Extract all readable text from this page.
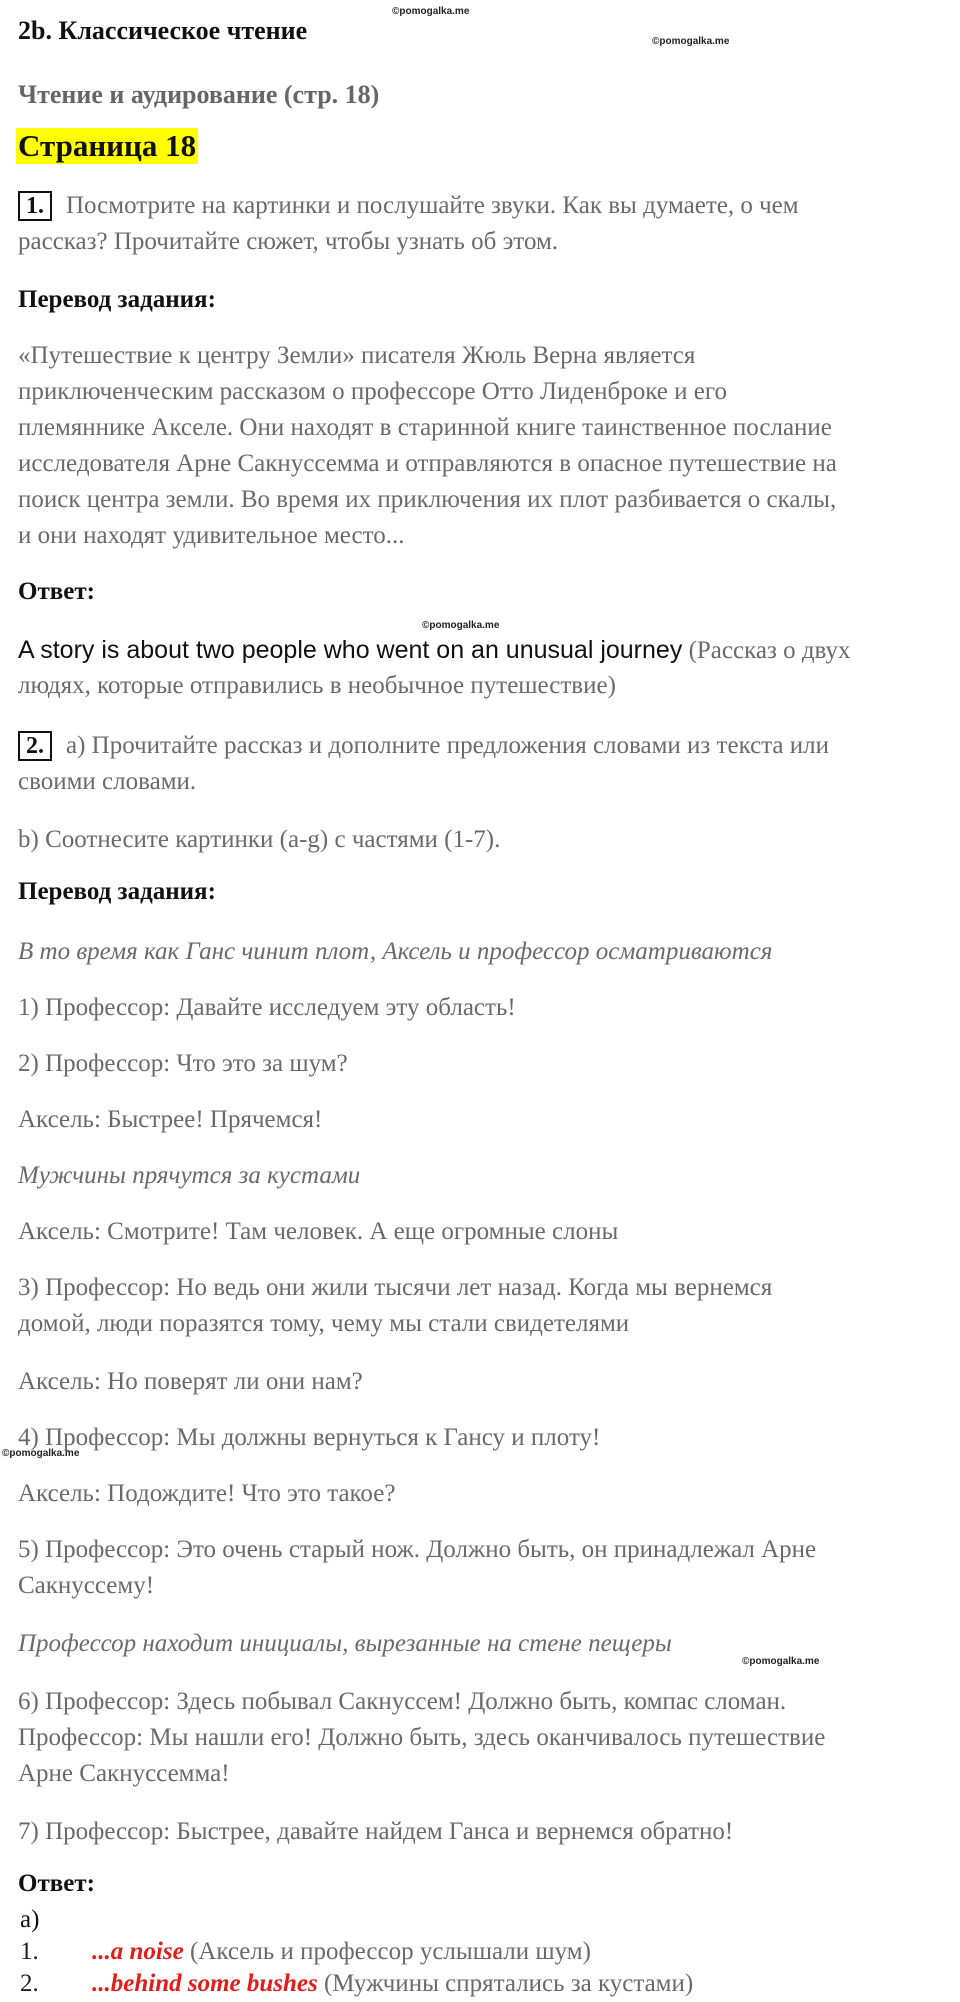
©pomogalka.me
©pomogalka.me
©pomogalka.me
©pomogalka.me
©pomogalka.me
2b. Классическое чтение
Чтение и аудирование (стр. 18)
Страница 18
1. Посмотрите на картинки и послушайте звуки. Как вы думаете, о чем
рассказ? Прочитайте сюжет, чтобы узнать об этом.
Перевод задания:
«Путешествие к центру Земли» писателя Жюль Верна является
приключенческим рассказом о профессоре Отто Лиденброке и его
племяннике Акселе. Они находят в старинной книге таинственное послание
исследователя Арне Сакнуссемма и отправляются в опасное путешествие на
поиск центра земли. Во время их приключения их плот разбивается о скалы,
и они находят удивительное место...
Ответ:
A story is about two people who went on an unusual journey (Рассказ о двух
людях, которые отправились в необычное путешествие)
2. a) Прочитайте рассказ и дополните предложения словами из текста или
своими словами.
b) Соотнесите картинки (a-g) с частями (1-7).
Перевод задания:
В то время как Ганс чинит плот, Аксель и профессор осматриваются
1) Профессор: Давайте исследуем эту область!
2) Профессор: Что это за шум?
Аксель: Быстрее! Прячемся!
Мужчины прячутся за кустами
Аксель: Смотрите! Там человек. А еще огромные слоны
3) Профессор: Но ведь они жили тысячи лет назад. Когда мы вернемся
домой, люди поразятся тому, чему мы стали свидетелями
Аксель: Но поверят ли они нам?
4) Профессор: Мы должны вернуться к Гансу и плоту!
Аксель: Подождите! Что это такое?
5) Профессор: Это очень старый нож. Должно быть, он принадлежал Арне
Сакнуссему!
Профессор находит инициалы, вырезанные на стене пещеры
6) Профессор: Здесь побывал Сакнуссем! Должно быть, компас сломан.
Профессор: Мы нашли его! Должно быть, здесь оканчивалось путешествие
Арне Сакнуссемма!
7) Профессор: Быстрее, давайте найдем Ганса и вернемся обратно!
Ответ:
a)
1. ...a noise (Аксель и профессор услышали шум)
2. ...behind some bushes (Мужчины спрятались за кустами)
